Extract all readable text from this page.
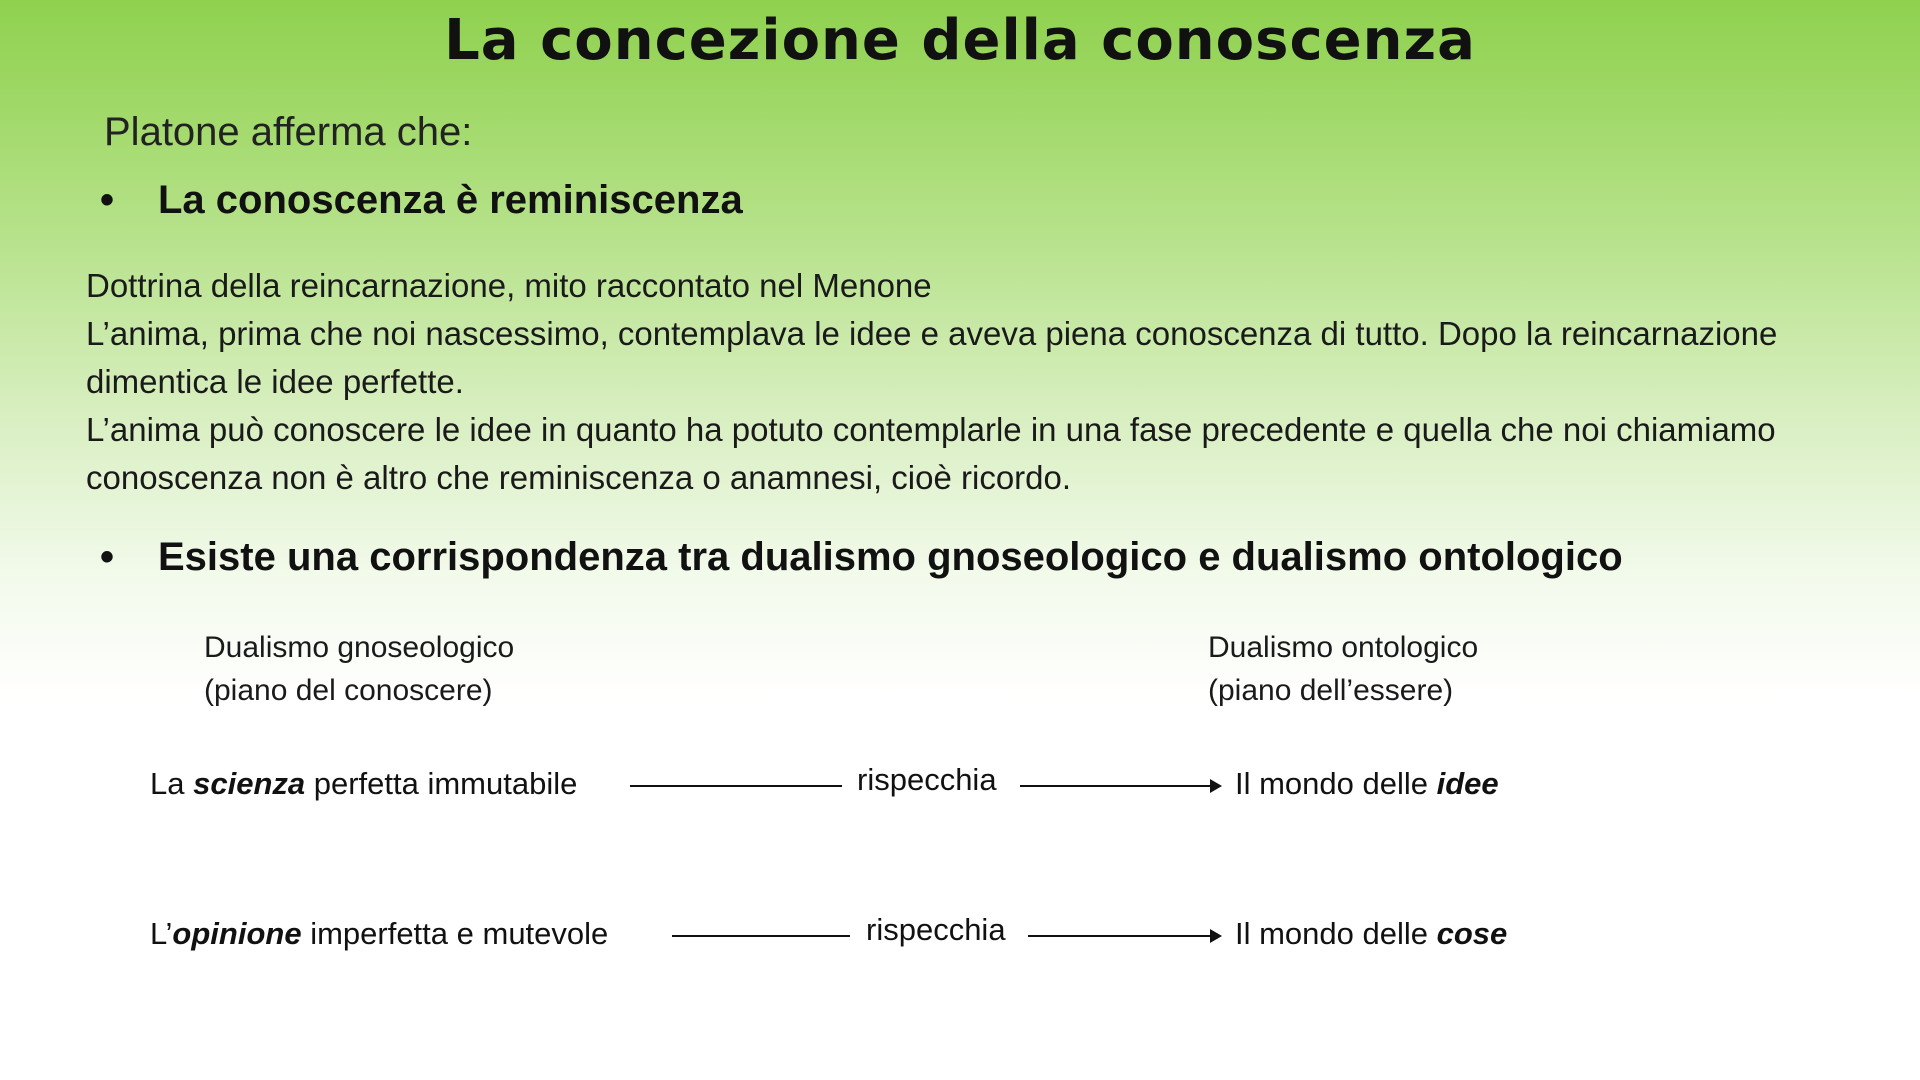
La concezione della conoscenza
Platone afferma che:
•	La conoscenza è reminiscenza

Dottrina della reincarnazione, mito raccontato nel Menone

L’anima, prima che noi nascessimo, contemplava le idee e aveva piena conoscenza di tutto. Dopo la reincarnazione dimentica le idee perfette.

L’anima può conoscere le idee in quanto ha potuto contemplarle in una fase precedente e quella che noi chiamiamo conoscenza non è altro che reminiscenza o anamnesi, cioè ricordo.

•	Esiste una corrispondenza tra dualismo gnoseologico e dualismo ontologico
Dualismo gnoseologico
(piano del conoscere)
Dualismo ontologico
(piano dell’essere)
La scienza perfetta immutabile	rispecchia	Il mondo delle idee
L’opinione imperfetta e mutevole	rispecchia	Il mondo delle cose
